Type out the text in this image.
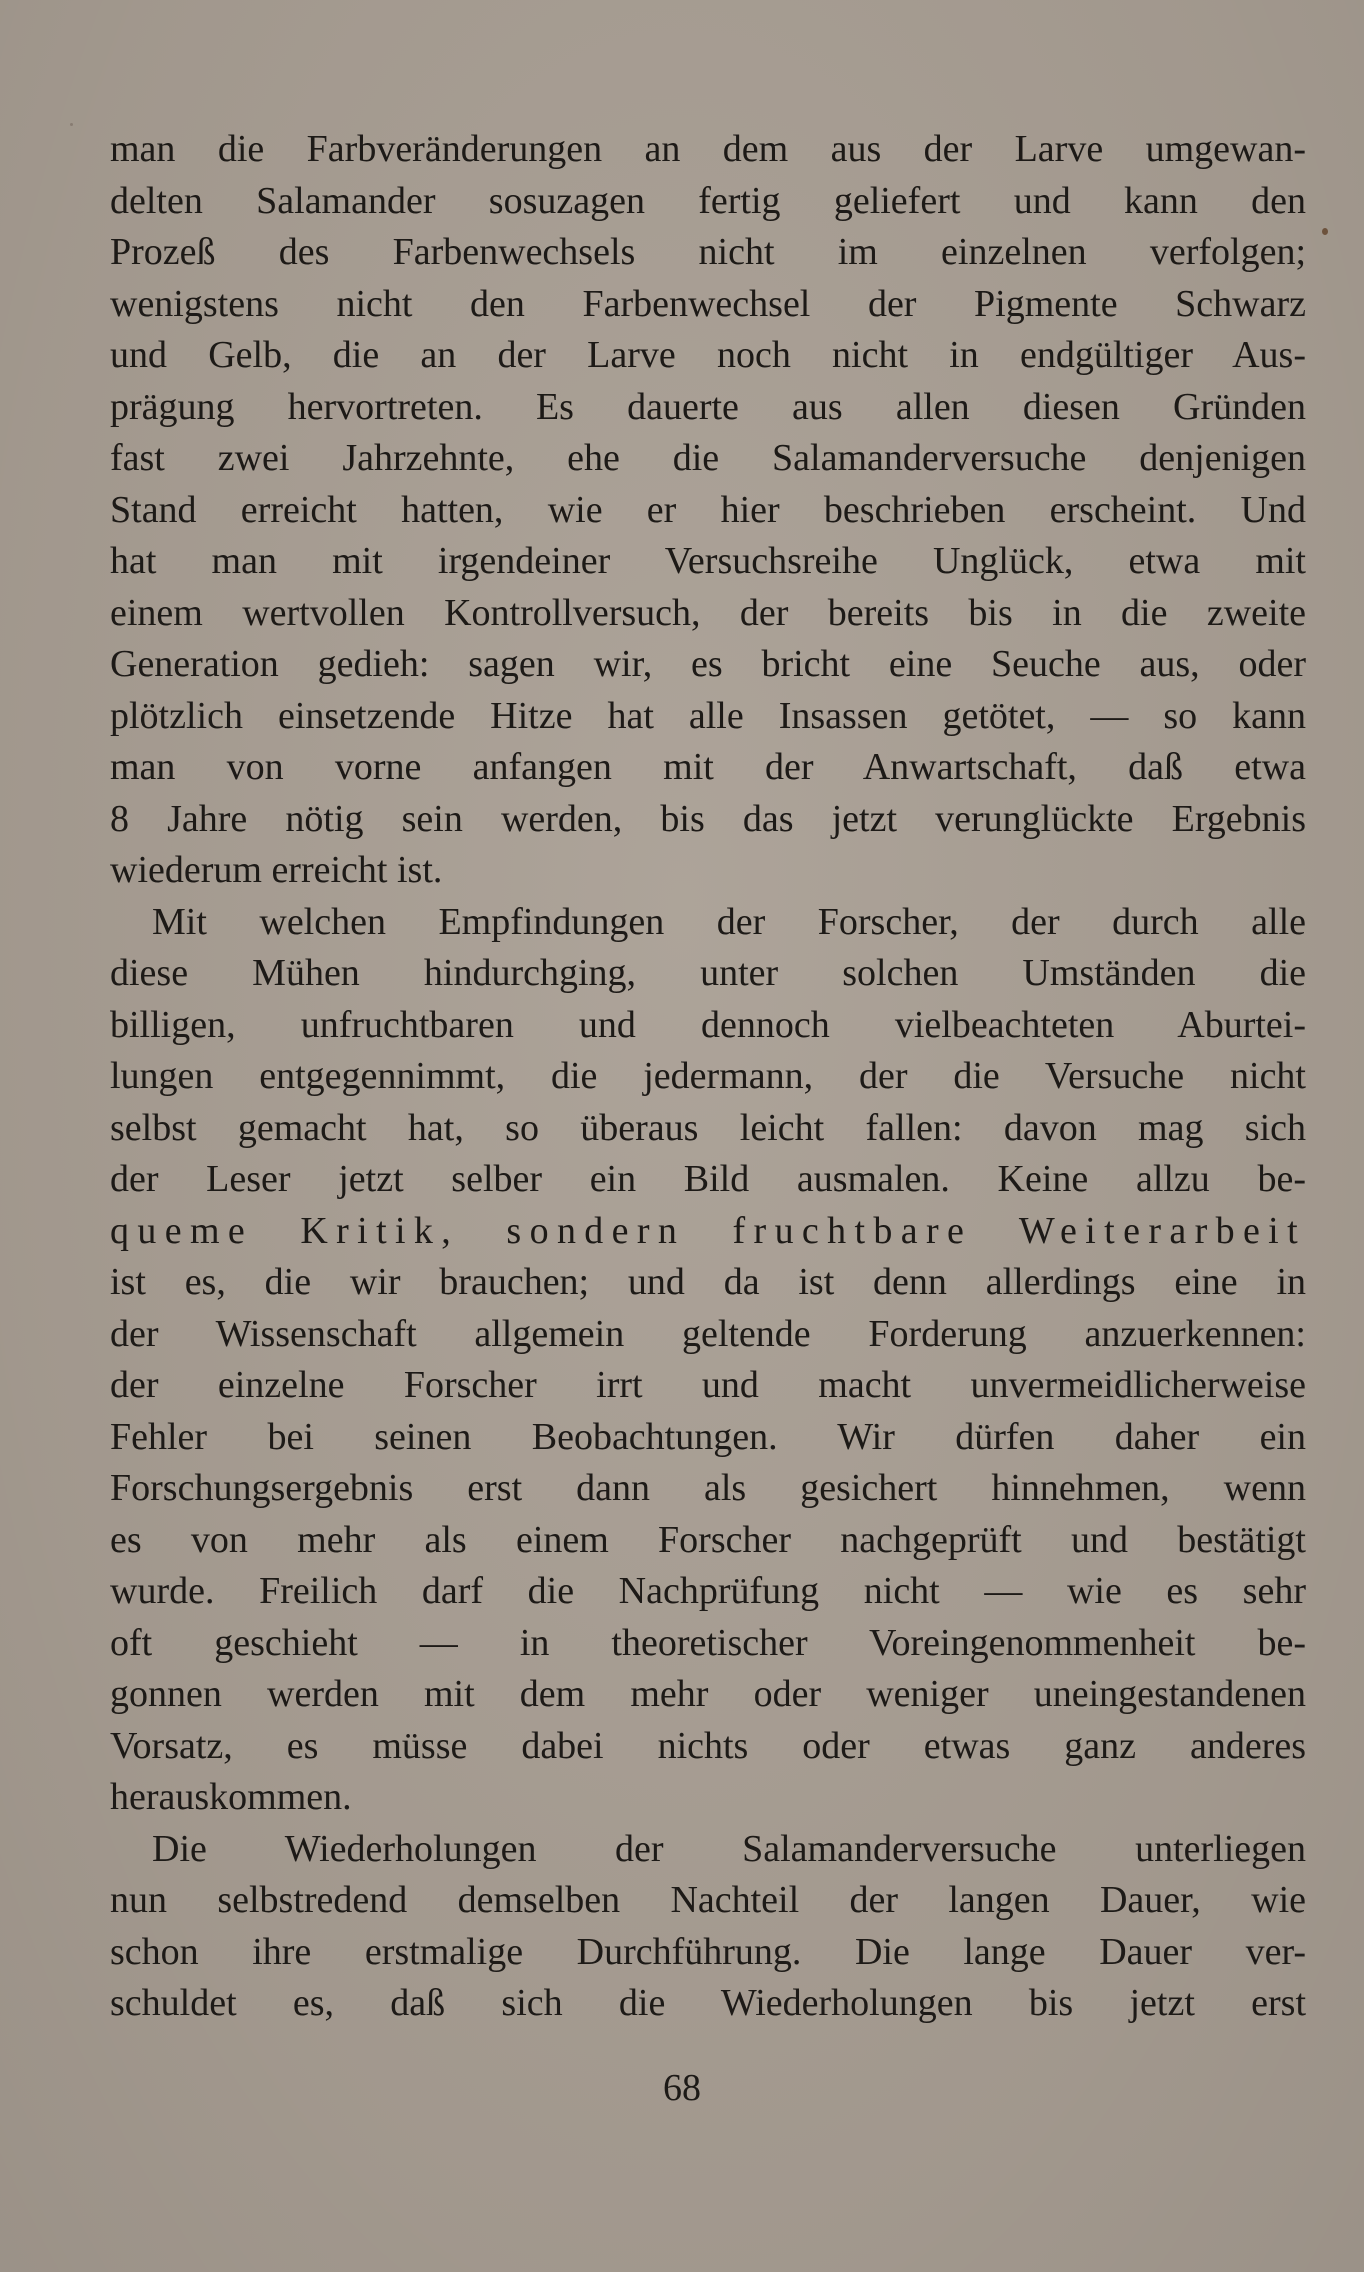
man die Farbveränderungen an dem aus der Larve umgewan-
delten Salamander sosuzagen fertig geliefert und kann den
Prozeß des Farbenwechsels nicht im einzelnen verfolgen;
wenigstens nicht den Farbenwechsel der Pigmente Schwarz
und Gelb, die an der Larve noch nicht in endgültiger Aus-
prägung hervortreten. Es dauerte aus allen diesen Gründen
fast zwei Jahrzehnte, ehe die Salamanderversuche denjenigen
Stand erreicht hatten, wie er hier beschrieben erscheint. Und
hat man mit irgendeiner Versuchsreihe Unglück, etwa mit
einem wertvollen Kontrollversuch, der bereits bis in die zweite
Generation gedieh: sagen wir, es bricht eine Seuche aus, oder
plötzlich einsetzende Hitze hat alle Insassen getötet, — so kann
man von vorne anfangen mit der Anwartschaft, daß etwa
8 Jahre nötig sein werden, bis das jetzt verunglückte Ergebnis
wiederum erreicht ist.
Mit welchen Empfindungen der Forscher, der durch alle
diese Mühen hindurchging, unter solchen Umständen die
billigen, unfruchtbaren und dennoch vielbeachteten Aburtei-
lungen entgegennimmt, die jedermann, der die Versuche nicht
selbst gemacht hat, so überaus leicht fallen: davon mag sich
der Leser jetzt selber ein Bild ausmalen. Keine allzu be-
queme Kritik, sondern fruchtbare Weiterarbeit
ist es, die wir brauchen; und da ist denn allerdings eine in
der Wissenschaft allgemein geltende Forderung anzuerkennen:
der einzelne Forscher irrt und macht unvermeidlicherweise
Fehler bei seinen Beobachtungen. Wir dürfen daher ein
Forschungsergebnis erst dann als gesichert hinnehmen, wenn
es von mehr als einem Forscher nachgeprüft und bestätigt
wurde. Freilich darf die Nachprüfung nicht — wie es sehr
oft geschieht — in theoretischer Voreingenommenheit be-
gonnen werden mit dem mehr oder weniger uneingestandenen
Vorsatz, es müsse dabei nichts oder etwas ganz anderes
herauskommen.
Die Wiederholungen der Salamanderversuche unterliegen
nun selbstredend demselben Nachteil der langen Dauer, wie
schon ihre erstmalige Durchführung. Die lange Dauer ver-
schuldet es, daß sich die Wiederholungen bis jetzt erst
68
